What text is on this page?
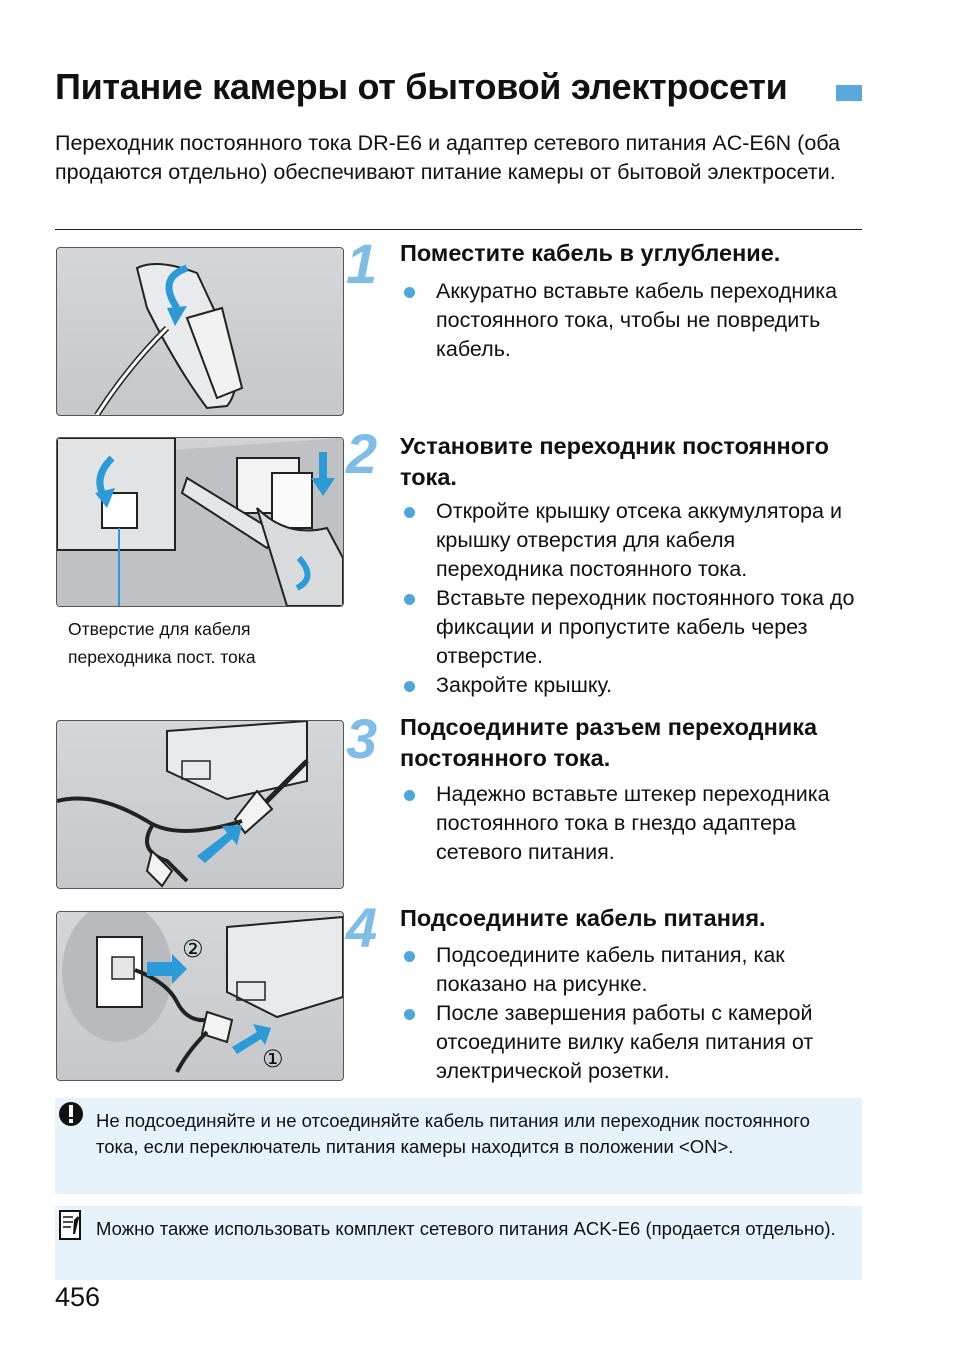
Питание камеры от бытовой электросети
Переходник постоянного тока DR-E6 и адаптер сетевого питания AC-E6N (оба продаются отдельно) обеспечивают питание камеры от бытовой электросети.
1 Поместите кабель в углубление.
Аккуратно вставьте кабель переходника постоянного тока, чтобы не повредить кабель.
Отверстие для кабеля переходника пост. тока
2 Установите переходник постоянного тока.
Откройте крышку отсека аккумулятора и крышку отверстия для кабеля переходника постоянного тока.
Вставьте переходник постоянного тока до фиксации и пропустите кабель через отверстие.
Закройте крышку.
3 Подсоедините разъем переходника постоянного тока.
Надежно вставьте штекер переходника постоянного тока в гнездо адаптера сетевого питания.
②
①
4 Подсоедините кабель питания.
Подсоедините кабель питания, как показано на рисунке.
После завершения работы с камерой отсоедините вилку кабеля питания от электрической розетки.
Не подсоединяйте и не отсоединяйте кабель питания или переходник постоянного тока, если переключатель питания камеры находится в положении <ON>.
Можно также использовать комплект сетевого питания ACK-E6 (продается отдельно).
456
